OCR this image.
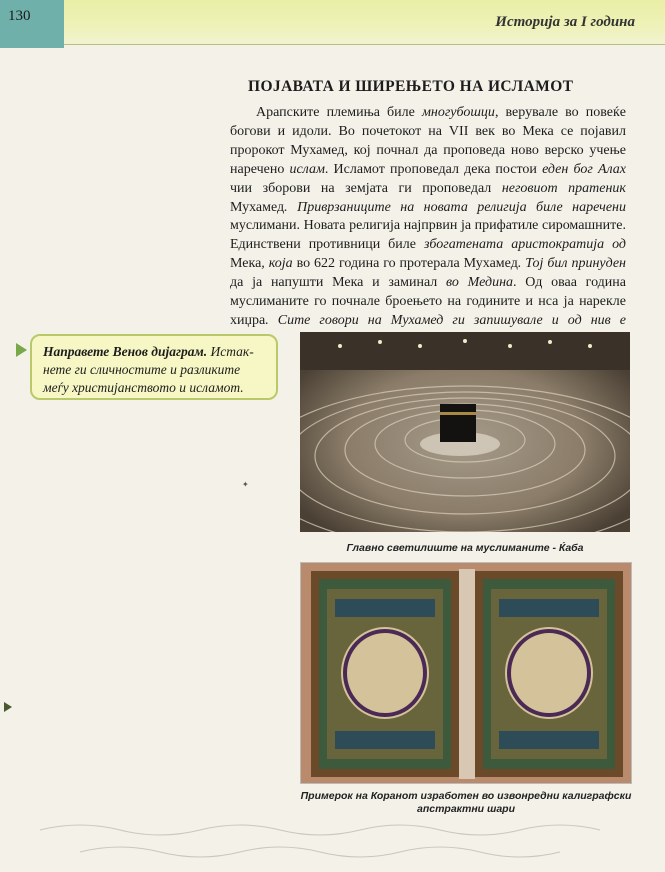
130	Историја за I година
ПОЈАВАТА И ШИРЕЊЕТО НА ИСЛАМОТ
Арапските племиња биле многубошци, верувале во повеќе
богови и идоли. Во почетокот на VII век во Мека се појавил
пророкот Мухамед, кој почнал да проповеда ново верско учење
наречено ислам. Исламот проповедал дека постои еден бог Алах
чии зборови на земјата ги проповедал неговиот пратеник
Мухамед. Приврзаниците на новата религија биле наречени
муслимани. Новата религија најпрвин ја прифатиле сиромашните.
Единствени противници биле збогатената аристократија од
Мека, која во 622 година го протерала Мухамед. Тој бил принуден
да ја напушти Мека и заминал во Медина. Од оваа година
муслиманите го почнале броењето на годините и нса ја нарекле
хиџра. Сите говори на Мухамед ги запишувале и од нив е
Направете Венов дијаграм. Истак-
нете ги сличностите и разликите
меѓу христијанството и исламот.
Главно светилиште на муслиманите - Ќаба
✦
Примерок на Коранот изработен во извонредни калиграфски
апстрактни шари
